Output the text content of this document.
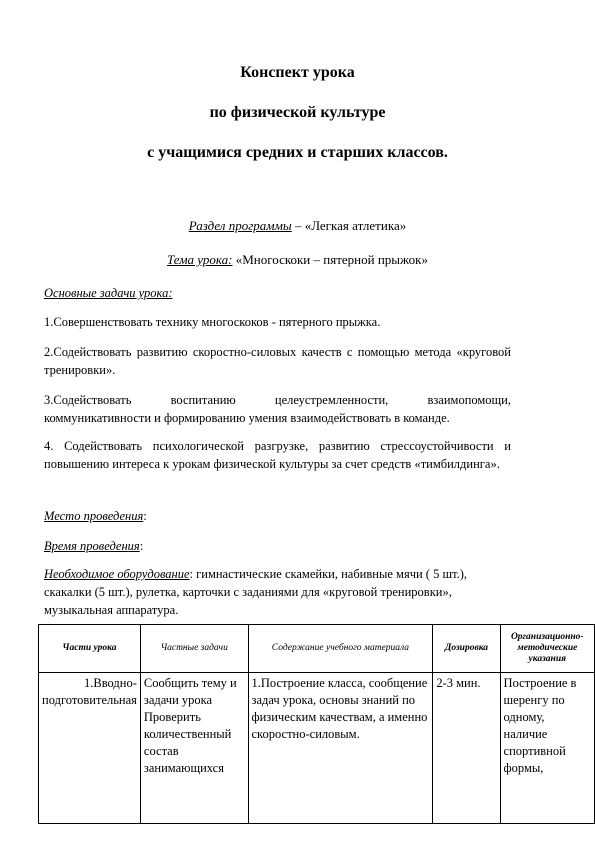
Конспект урока
по физической культуре
с учащимися средних и старших классов.
Раздел программы – «Легкая атлетика»
Тема урока: «Многоскоки – пятерной прыжок»
Основные задачи урока:
1.Совершенствовать технику многоскоков - пятерного прыжка.
2.Содействовать развитию скоростно-силовых качеств с помощью метода «круговой тренировки».
3.Содействовать воспитанию целеустремленности, взаимопомощи, коммуникативности и формированию умения взаимодействовать в команде.
4. Содействовать психологической разгрузке, развитию стрессоустойчивости и повышению интереса к урокам физической культуры за счет средств «тимбилдинга».
Место проведения:
Время проведения:
Необходимое оборудование: гимнастические скамейки, набивные мячи ( 5 шт.), скакалки (5 шт.), рулетка, карточки с заданиями для «круговой тренировки», музыкальная аппаратура.
Части урока	Частные задачи	Содержание учебного материала	Дозировка	Организационно-методические указания
1.Вводно-подготовительная	Сообщить тему и задачи урока Проверить количественный состав занимающихся	1.Построение класса, сообщение задач урока, основы знаний по физическим качествам, а именно скоростно-силовым.	2-3 мин.	Построение в шеренгу по одному, наличие спортивной формы,
